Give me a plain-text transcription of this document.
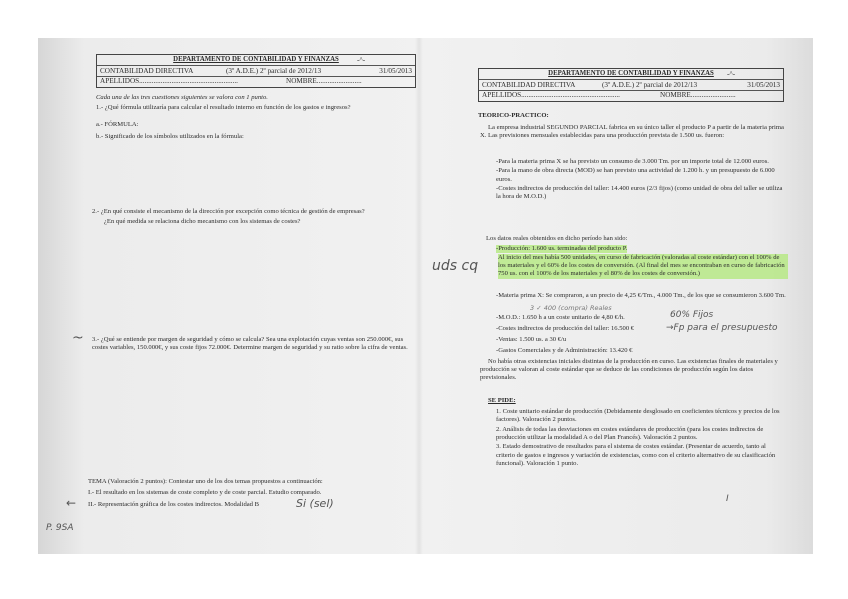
DEPARTAMENTO DE CONTABILIDAD Y FINANZAS	-^-
CONTABILIDAD DIRECTIVA	(3º A.D.E.) 2º parcial de 2012/13	31/05/2013
APELLIDOS.......................................................	NOMBRE.........................
Cada una de las tres cuestiones siguientes se valora con 1 punto.
1.- ¿Qué fórmula utilizaría para calcular el resultado interno en función de los gastos e ingresos?
a.- FÓRMULA:
b.- Significado de los símbolos utilizados en la fórmula:
2.- ¿En qué consiste el mecanismo de la dirección por excepción como técnica de gestión de empresas?
¿En qué medida se relaciona dicho mecanismo con los sistemas de costes?
~ 3.- ¿Qué se entiende por margen de seguridad y cómo se calcula? Sea una explotación cuyas ventas son 250.000€, sus costes variables, 150.000€, y sus coste fijos 72.000€. Determine margen de seguridad y su ratio sobre la cifra de ventas.
TEMA (Valoración 2 puntos): Contestar uno de los dos temas propuestos a continuación:
I.- El resultado en los sistemas de coste completo y de coste parcial. Estudio comparado.
← II.- Representación gráfica de los costes indirectos. Modalidad B	Si (sel)
P. 9SA
DEPARTAMENTO DE CONTABILIDAD Y FINANZAS	-^-
CONTABILIDAD DIRECTIVA	(3º A.D.E.) 2º parcial de 2012/13	31/05/2013
APELLIDOS.......................................................	NOMBRE.........................
TEORICO-PRACTICO:
La empresa industrial SEGUNDO PARCIAL fabrica en su único taller el producto P a partir de la materia prima X. Las previsiones mensuales establecidas para una producción prevista de 1.500 us. fueron:

-Para la materia prima X se ha previsto un consumo de 3.000 Tm. por un importe total de 12.000 euros.

-Para la mano de obra directa (MOD) se han previsto una actividad de 1.200 h. y un presupuesto de 6.000 euros.

-Costes indirectos de producción del taller: 14.400 euros (2/3 fijos) (como unidad de obra del taller se utiliza la hora de M.O.D.)

Los datos reales obtenidos en dicho período han sido:
-Producción: 1.600 us. terminadas del producto P.
Al inicio del mes había 500 unidades, en curso de fabricación (valoradas al coste estándar) con el 100% de los materiales y el 60% de los costes de conversión. (Al final del mes se encontraban en curso de fabricación 750 us. con el 100% de los materiales y el 80% de los costes de conversión.)
uds cq

-Materia prima X: Se compraron, a un precio de 4,25 €/Tm., 4.000 Tm., de los que se consumieron 3.600 Tm.

3 ✓ 400 (compra) Reales
-M.O.D.: 1.650 h a un coste unitario de 4,80 €/h.	60% Fijos
-Costes indirectos de producción del taller: 16.500 €	→Fp para el presupuesto
-Ventas: 1.500 us. a 30 €/u
-Gastos Comerciales y de Administración: 13.420 €
No había otras existencias iniciales distintas de la producción en curso. Las existencias finales de materiales y producción se valoran al coste estándar que se deduce de las condiciones de producción según los datos previsionales.
SE PIDE:

1. Coste unitario estándar de producción (Debidamente desglosado en coeficientes técnicos y precios de los factores). Valoración 2 puntos.

2. Análisis de todas las desviaciones en costes estándares de producción (para los costes indirectos de producción utilizar la modalidad A o del Plan Francés). Valoración 2 puntos.

3. Estado demostrativo de resultados para el sistema de costes estándar. (Presentar de acuerdo, tanto al criterio de gastos e ingresos y variación de existencias, como con el criterio alternativo de su clasificación funcional). Valoración 1 punto.

I
